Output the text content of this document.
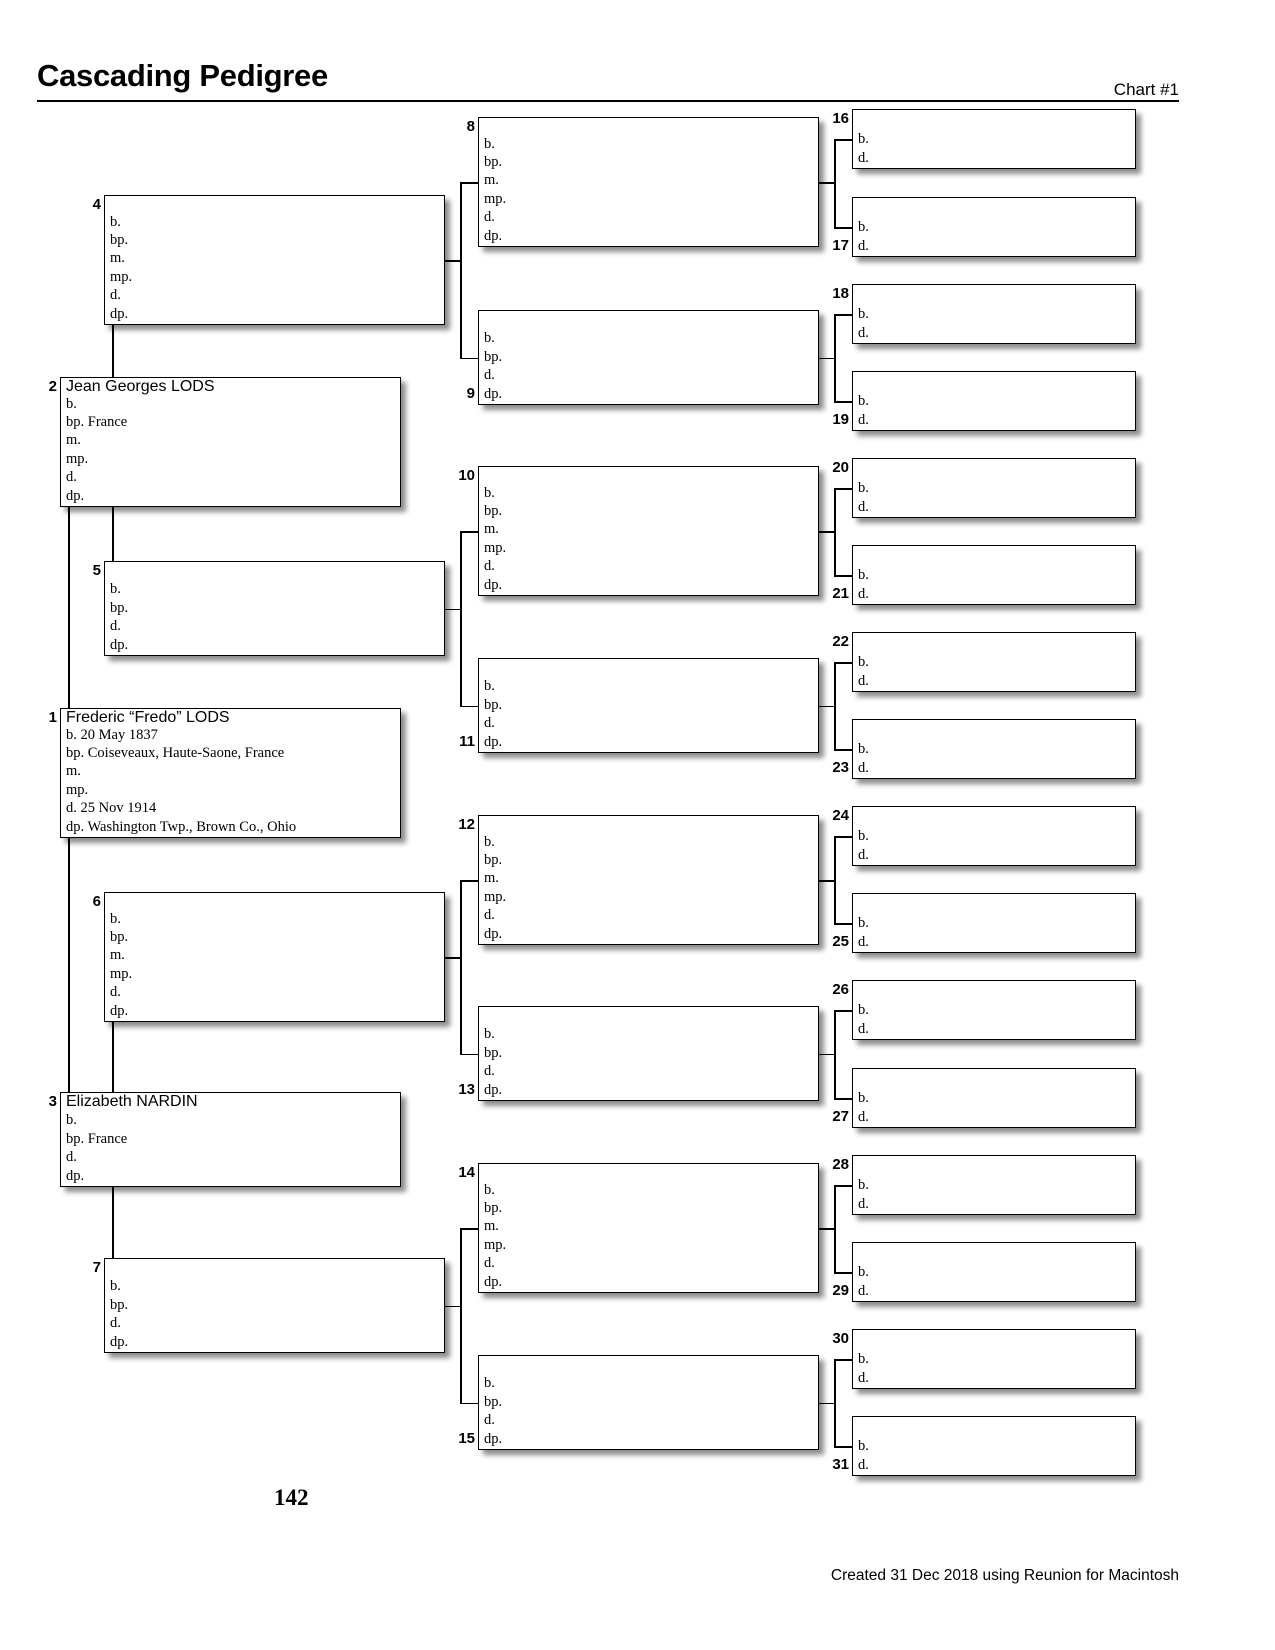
Cascading Pedigree	Chart #1
Frederic “Fredo” LODS
b. 20 May 1837
bp. Coiseveaux, Haute-Saone, France
m.
mp.
d. 25 Nov 1914
dp. Washington Twp., Brown Co., Ohio
1
Jean Georges LODS
b.
bp. France
m.
mp.
d.
dp.
2
Elizabeth NARDIN
b.
bp. France
d.
dp.
3
b.
bp.
m.
mp.
d.
dp.
4
b.
bp.
d.
dp.
5
b.
bp.
m.
mp.
d.
dp.
6
b.
bp.
d.
dp.
7
b.
bp.
m.
mp.
d.
dp.
8
b.
bp.
d.
dp.
9
b.
bp.
m.
mp.
d.
dp.
10
b.
bp.
d.
dp.
11
b.
bp.
m.
mp.
d.
dp.
12
b.
bp.
d.
dp.
13
b.
bp.
m.
mp.
d.
dp.
14
b.
bp.
d.
dp.
15
b.
d.
16
b.
d.
17
b.
d.
18
b.
d.
19
b.
d.
20
b.
d.
21
b.
d.
22
b.
d.
23
b.
d.
24
b.
d.
25
b.
d.
26
b.
d.
27
b.
d.
28
b.
d.
29
b.
d.
30
b.
d.
31
142
Created 31 Dec 2018 using Reunion for Macintosh
